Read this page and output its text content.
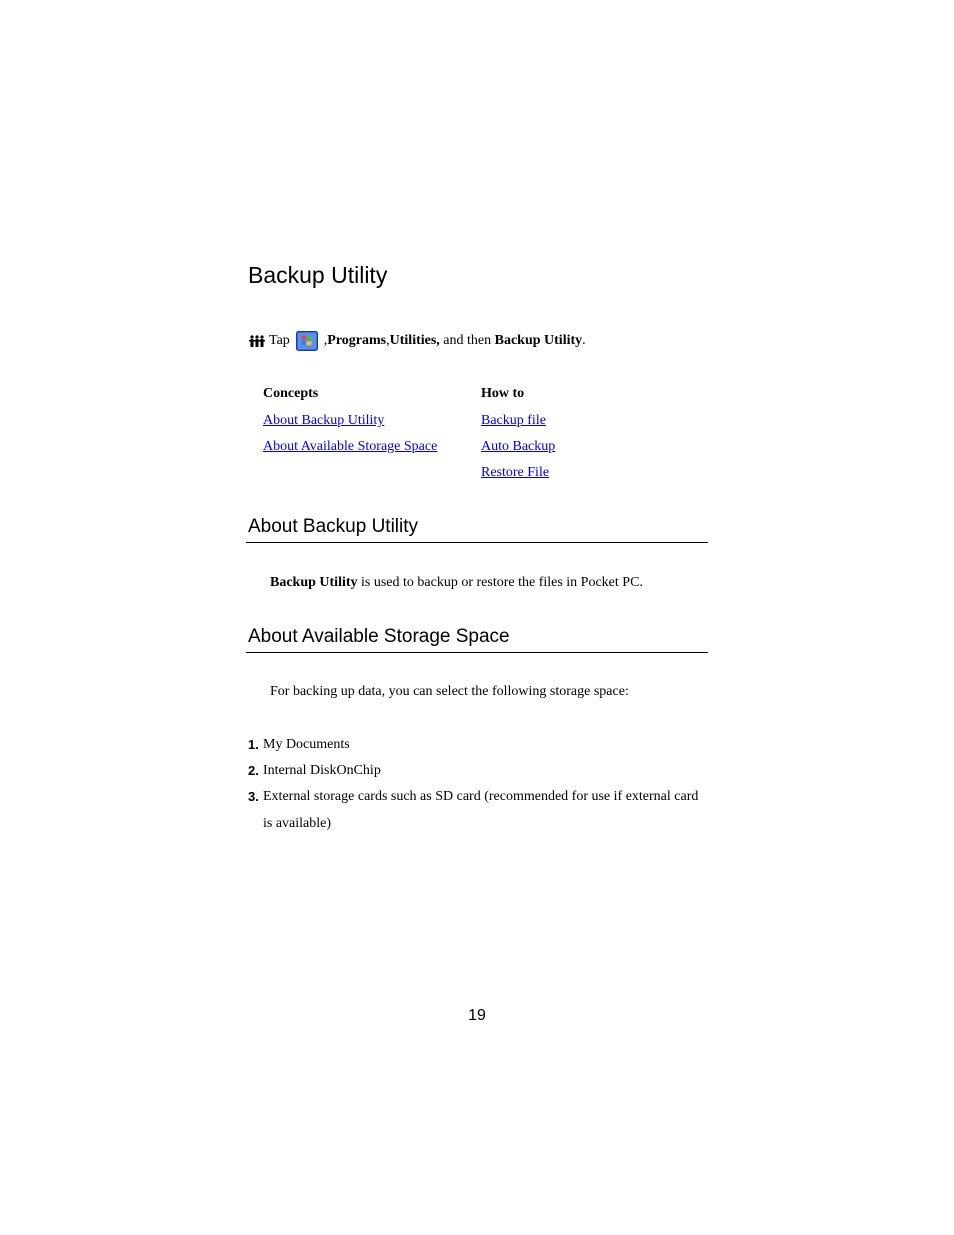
Backup Utility
Tap , Programs , Utilities, and then Backup Utility .
Concepts	How to
About Backup Utility
About Available Storage Space
Backup file
Auto Backup
Restore File
About Backup Utility
Backup Utility is used to backup or restore the files in Pocket PC.
About Available Storage Space
For backing up data, you can select the following storage space:
1. My Documents
2. Internal DiskOnChip
3. External storage cards such as SD card (recommended for use if external card is available)
19
